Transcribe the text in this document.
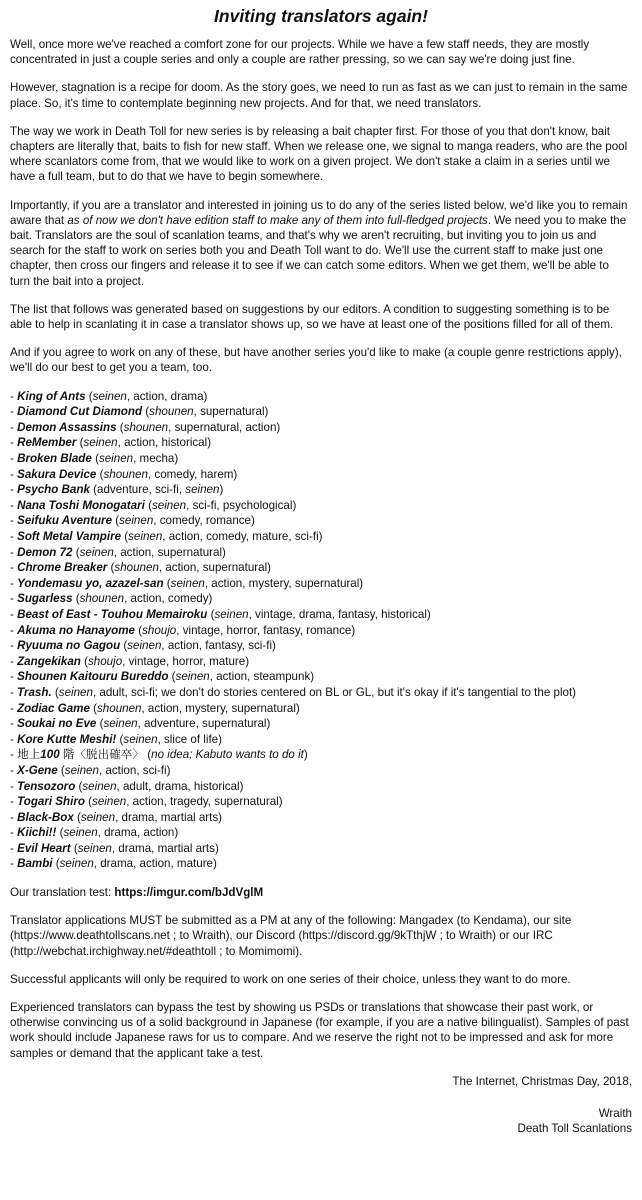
Inviting translators again!

Well, once more we've reached a comfort zone for our projects. While we have a few staff needs, they are mostly concentrated in just a couple series and only a couple are rather pressing, so we can say we're doing just fine.

However, stagnation is a recipe for doom. As the story goes, we need to run as fast as we can just to remain in the same place. So, it's time to contemplate beginning new projects. And for that, we need translators.

The way we work in Death Toll for new series is by releasing a bait chapter first. For those of you that don't know, bait chapters are literally that, baits to fish for new staff. When we release one, we signal to manga readers, who are the pool where scanlators come from, that we would like to work on a given project. We don't stake a claim in a series until we have a full team, but to do that we have to begin somewhere.

Importantly, if you are a translator and interested in joining us to do any of the series listed below, we'd like you to remain aware that as of now we don't have edition staff to make any of them into full-fledged projects. We need you to make the bait. Translators are the soul of scanlation teams, and that's why we aren't recruiting, but inviting you to join us and search for the staff to work on series both you and Death Toll want to do. We'll use the current staff to make just one chapter, then cross our fingers and release it to see if we can catch some editors. When we get them, we'll be able to turn the bait into a project.

The list that follows was generated based on suggestions by our editors. A condition to suggesting something is to be able to help in scanlating it in case a translator shows up, so we have at least one of the positions filled for all of them.

And if you agree to work on any of these, but have another series you'd like to make (a couple genre restrictions apply), we'll do our best to get you a team, too.

- King of Ants (seinen, action, drama)
- Diamond Cut Diamond (shounen, supernatural)
- Demon Assassins (shounen, supernatural, action)
- ReMember (seinen, action, historical)
- Broken Blade (seinen, mecha)
- Sakura Device (shounen, comedy, harem)
- Psycho Bank (adventure, sci-fi, seinen)
- Nana Toshi Monogatari (seinen, sci-fi, psychological)
- Seifuku Aventure (seinen, comedy, romance)
- Soft Metal Vampire (seinen, action, comedy, mature, sci-fi)
- Demon 72 (seinen, action, supernatural)
- Chrome Breaker (shounen, action, supernatural)
- Yondemasu yo, azazel-san (seinen, action, mystery, supernatural)
- Sugarless (shounen, action, comedy)
- Beast of East - Touhou Memairoku (seinen, vintage, drama, fantasy, historical)
- Akuma no Hanayome (shoujo, vintage, horror, fantasy, romance)
- Ryuuma no Gagou (seinen, action, fantasy, sci-fi)
- Zangekikan (shoujo, vintage, horror, mature)
- Shounen Kaitouru Bureddo (seinen, action, steampunk)
- Trash. (seinen, adult, sci-fi; we don't do stories centered on BL or GL, but it's okay if it's tangential to the plot)
- Zodiac Game (shounen, action, mystery, supernatural)
- Soukai no Eve (seinen, adventure, supernatural)
- Kore Kutte Meshi! (seinen, slice of life)
- 地上100 階〈脱出確卒〉 (no idea; Kabuto wants to do it)
- X-Gene (seinen, action, sci-fi)
- Tensozoro (seinen, adult, drama, historical)
- Togari Shiro (seinen, action, tragedy, supernatural)
- Black-Box (seinen, drama, martial arts)
- Kiichi!! (seinen, drama, action)
- Evil Heart (seinen, drama, martial arts)
- Bambi (seinen, drama, action, mature)

Our translation test: https://imgur.com/bJdVglM

Translator applications MUST be submitted as a PM at any of the following: Mangadex (to Kendama), our site (https://www.deathtollscans.net ; to Wraith), our Discord (https://discord.gg/9kTthjW ; to Wraith) or our IRC (http://webchat.irchighway.net/#deathtoll ; to Momimomi).

Successful applicants will only be required to work on one series of their choice, unless they want to do more.

Experienced translators can bypass the test by showing us PSDs or translations that showcase their past work, or otherwise convincing us of a solid background in Japanese (for example, if you are a native bilingualist). Samples of past work should include Japanese raws for us to compare. And we reserve the right not to be impressed and ask for more samples or demand that the applicant take a test.

The Internet, Christmas Day, 2018,
Wraith
Death Toll Scanlations
